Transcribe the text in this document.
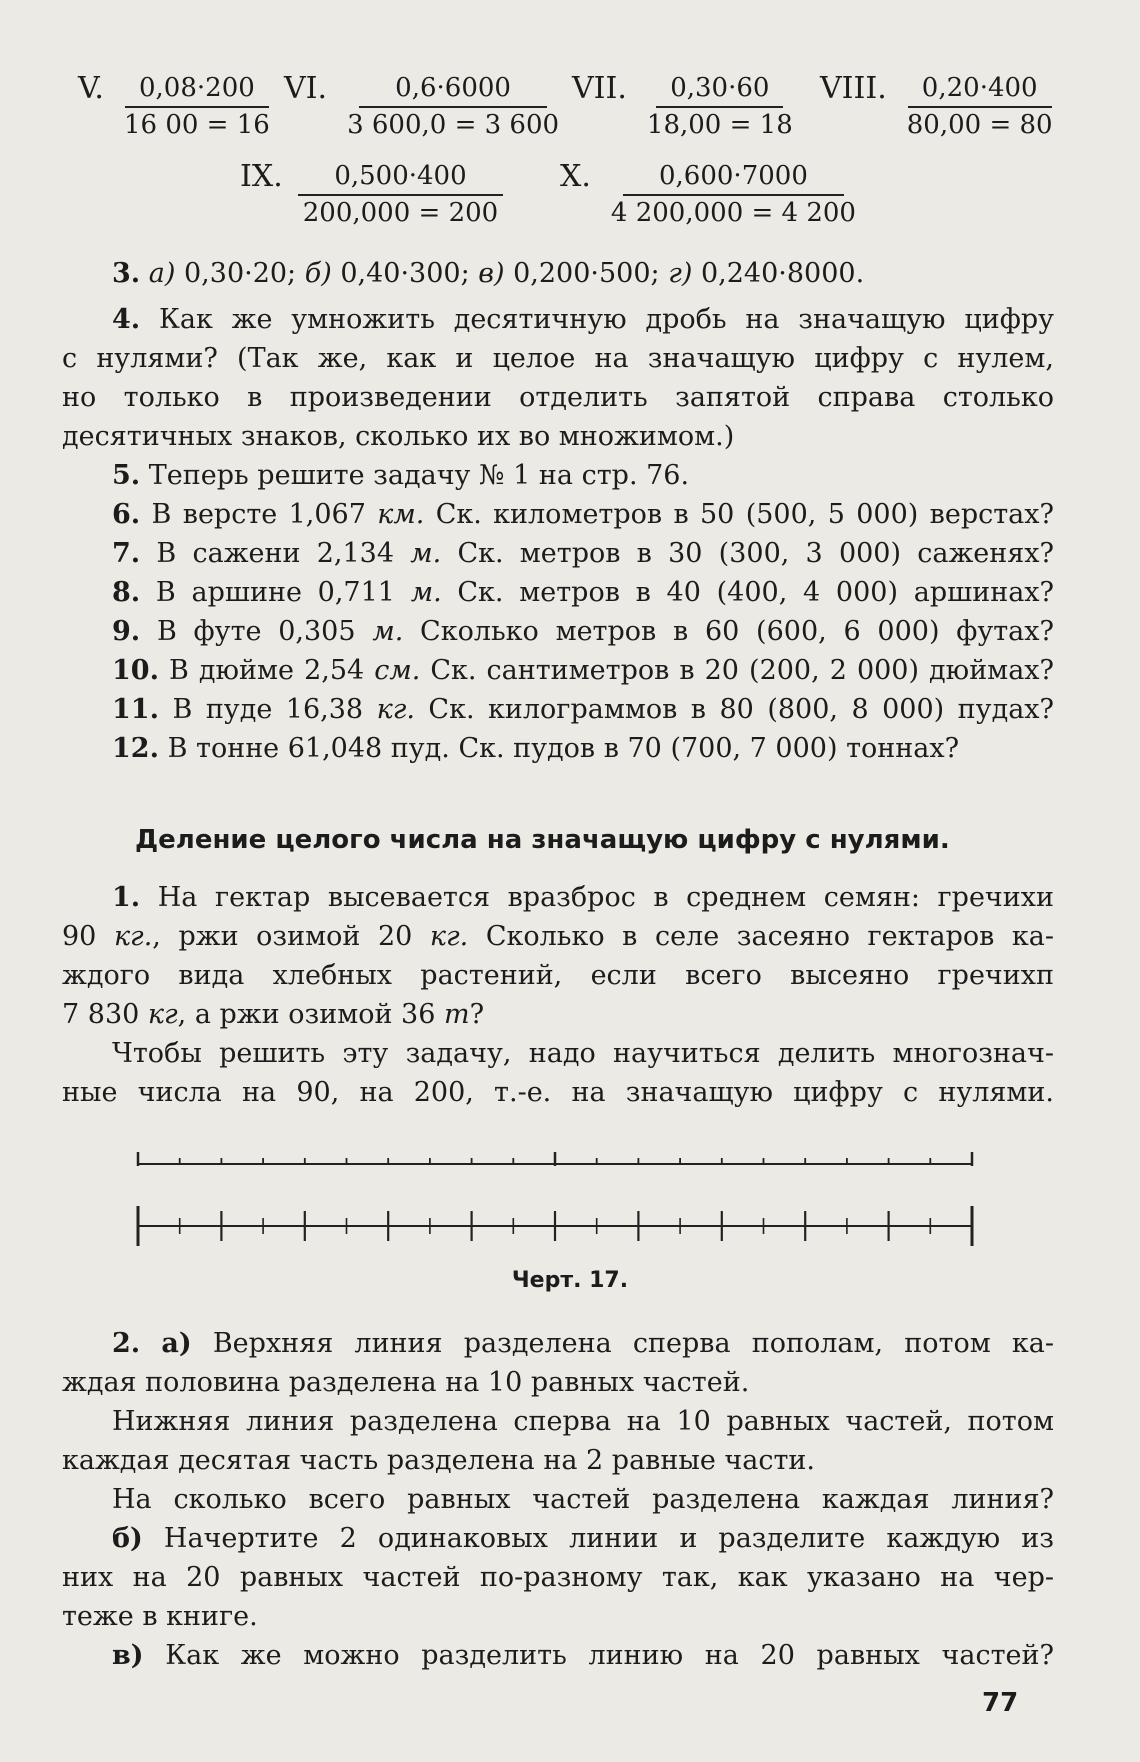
V. $\frac{0,08\cdot 200}{16 00 = 16}$ VI. $\frac{0,6\cdot 6000}{3 600,0 = 3 600}$ VII. $\frac{0,30\cdot 60}{18,00 = 18}$ VIII. $\frac{0,20\cdot 400}{80,00 = 80}$
IX. $\frac{0,500\cdot 400}{200,000 = 200} X$. $\frac{0,600\cdot 7000}{4 200,000 = 4 200}$
3. а) 0,30·20; б) 0,40·300; в) 0,200·500; г) 0,240·8000.
4. Как же умножить десятичную дробь на значащую цифру
с нулями? (Так же, как и целое на значащую цифру с нулем,
но только в произведении отделить запятой справа столько
десятичных знаков, сколько их во множимом.)
5. Теперь решите задачу № 1 на стр. 76.
6. В версте 1,067 км. Ск. километров в 50 (500, 5 000) верстах?
7. В сажени 2,134 м. Ск. метров в 30 (300, 3 000) саженях?
8. В аршине 0,711 м. Ск. метров в 40 (400, 4 000) аршинах?
9. В футе 0,305 м. Сколько метров в 60 (600, 6 000) футах?
10. В дюйме 2,54 см. Ск. сантиметров в 20 (200, 2 000) дюймах?
11. В пуде 16,38 кг. Ск. килограммов в 80 (800, 8 000) пудах?
12. В тонне 61,048 пуд. Ск. пудов в 70 (700, 7 000) тоннах?
Деление целого числа на значащую цифру с нулями.
1. На гектар высевается вразброс в среднем семян: гречихи
90 кг., ржи озимой 20 кг. Сколько в селе засеяно гектаров ка-
ждого вида хлебных растений, если всего высеяно гречихп
7 830 кг, а ржи озимой 36 т?
Чтобы решить эту задачу, надо научиться делить многознач-
ные числа на 90, на 200, т.-е. на значащую цифру с нулями.
Черт. 17.
2. а) Верхняя линия разделена сперва пополам, потом ка-
ждая половина разделена на 10 равных частей.
Нижняя линия разделена сперва на 10 равных частей, потом
каждая десятая часть разделена на 2 равные части.
На сколько всего равных частей разделена каждая линия?
б) Начертите 2 одинаковых линии и разделите каждую из
них на 20 равных частей по-разному так, как указано на чер-
теже в книге.
в) Как же можно разделить линию на 20 равных частей?
77
